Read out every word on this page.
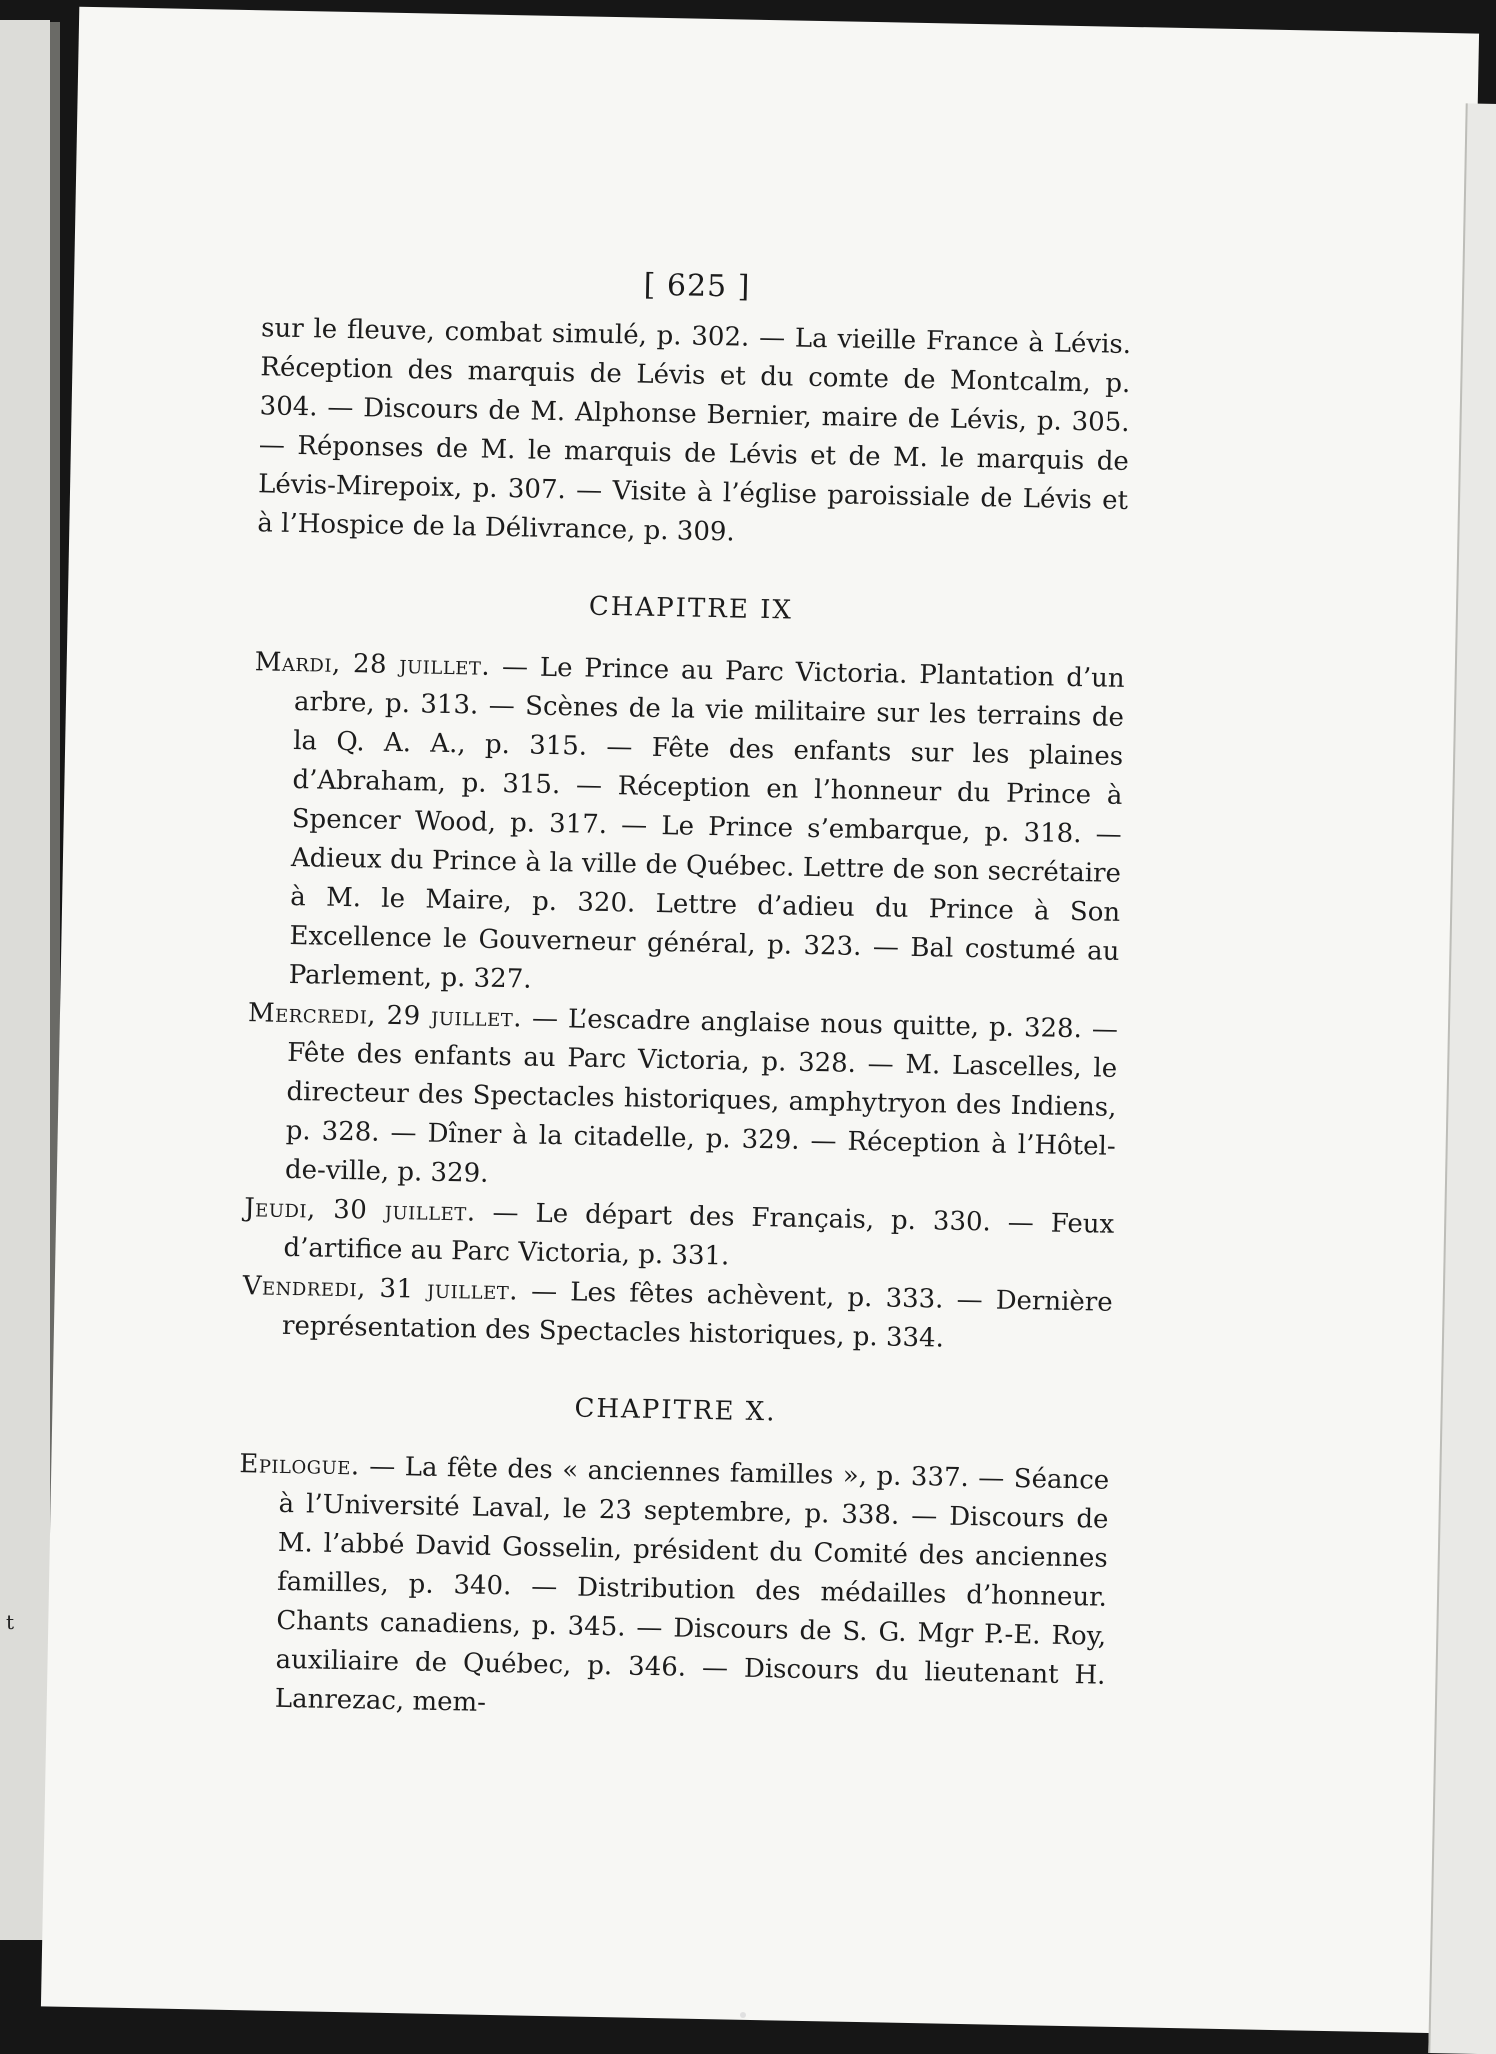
t
[ 625 ]

sur le fleuve, combat simulé, p. 302. — La vieille France à Lévis. Réception des marquis de Lévis et du comte de Montcalm, p. 304. — Discours de M. Alphonse Bernier, maire de Lévis, p. 305. — Réponses de M. le marquis de Lévis et de M. le marquis de Lévis-Mirepoix, p. 307. — Visite à l’église paroissiale de Lévis et à l’Hospice de la Délivrance, p. 309.

CHAPITRE IX

Mardi, 28 juillet. — Le Prince au Parc Victoria. Plantation d’un arbre, p. 313. — Scènes de la vie militaire sur les terrains de la Q. A. A., p. 315. — Fête des enfants sur les plaines d’Abraham, p. 315. — Réception en l’honneur du Prince à Spencer Wood, p. 317. — Le Prince s’embarque, p. 318. — Adieux du Prince à la ville de Québec. Lettre de son secrétaire à M. le Maire, p. 320. Lettre d’adieu du Prince à Son Excellence le Gouverneur général, p. 323. — Bal costumé au Parlement, p. 327.

Mercredi, 29 juillet. — L’escadre anglaise nous quitte, p. 328. — Fête des enfants au Parc Victoria, p. 328. — M. Lascelles, le directeur des Spectacles historiques, amphytryon des Indiens, p. 328. — Dîner à la citadelle, p. 329. — Réception à l’Hôtel-de-ville, p. 329.

Jeudi, 30 juillet. — Le départ des Français, p. 330. — Feux d’artifice au Parc Victoria, p. 331.

Vendredi, 31 juillet. — Les fêtes achèvent, p. 333. — Dernière représentation des Spectacles historiques, p. 334.

CHAPITRE X.

Epilogue. — La fête des « anciennes familles », p. 337. — Séance à l’Université Laval, le 23 septembre, p. 338. — Discours de M. l’abbé David Gosselin, président du Comité des anciennes familles, p. 340. — Distribution des médailles d’honneur. Chants canadiens, p. 345. — Discours de S. G. Mgr P.-E. Roy, auxiliaire de Québec, p. 346. — Discours du lieutenant H. Lanrezac, mem-
